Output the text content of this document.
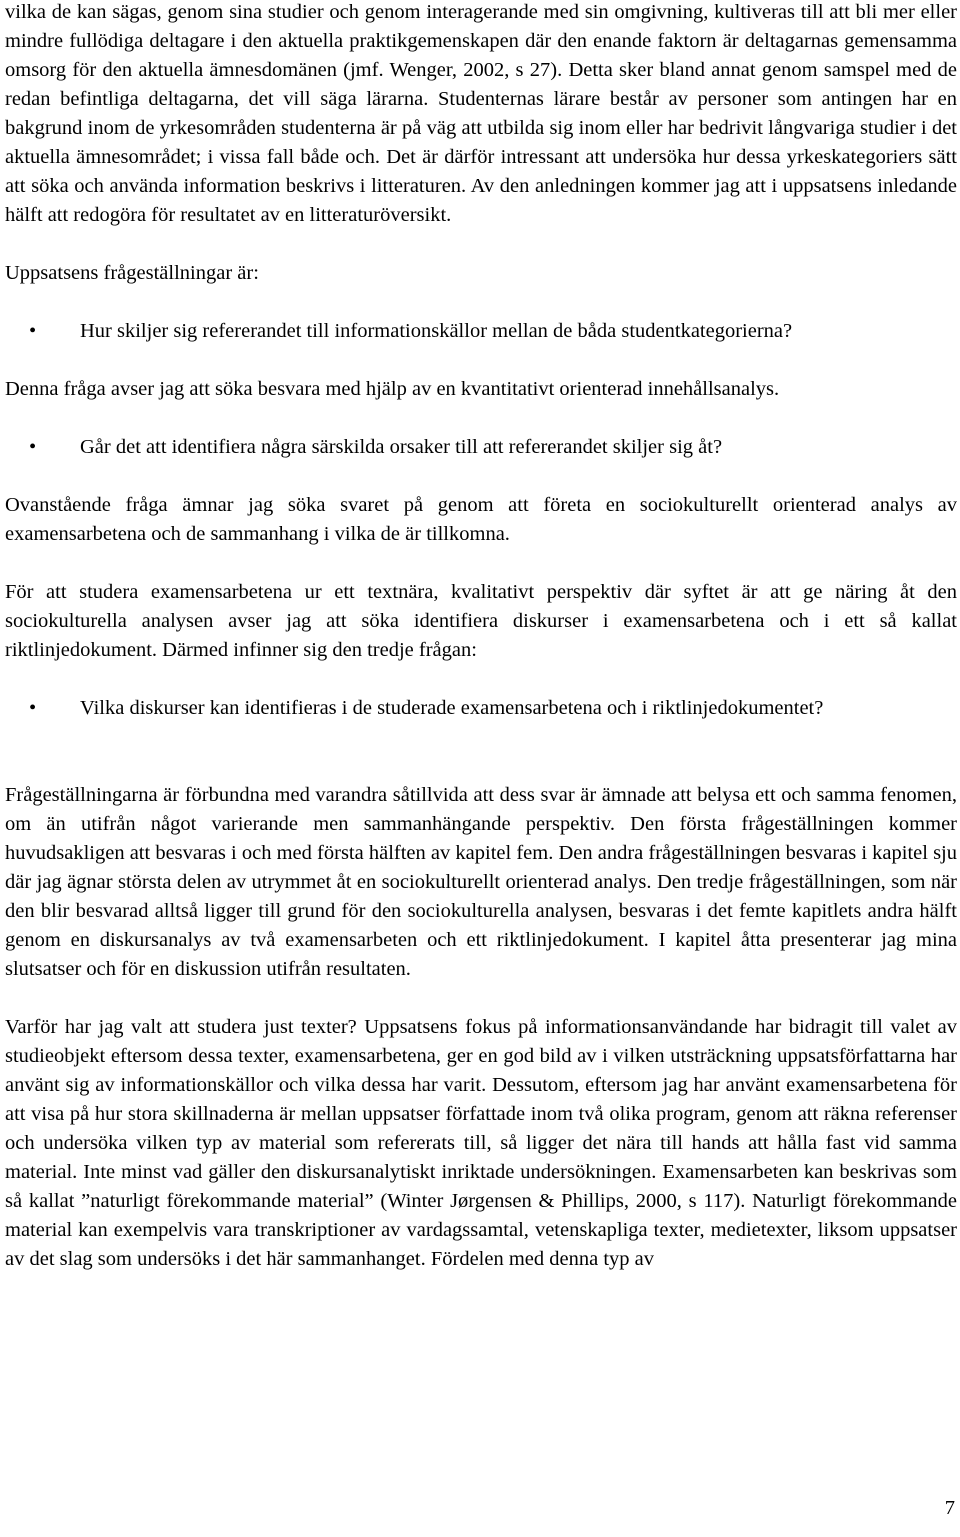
vilka de kan sägas, genom sina studier och genom interagerande med sin omgivning, kultiveras till att bli mer eller mindre fullödiga deltagare i den aktuella praktikgemenskapen där den enande faktorn är deltagarnas gemensamma omsorg för den aktuella ämnesdomänen (jmf. Wenger, 2002, s 27). Detta sker bland annat genom samspel med de redan befintliga deltagarna, det vill säga lärarna. Studenternas lärare består av personer som antingen har en bakgrund inom de yrkesområden studenterna är på väg att utbilda sig inom eller har bedrivit långvariga studier i det aktuella ämnesområdet; i vissa fall både och. Det är därför intressant att undersöka hur dessa yrkeskategoriers sätt att söka och använda information beskrivs i litteraturen. Av den anledningen kommer jag att i uppsatsens inledande hälft att redogöra för resultatet av en litteraturöversikt.

Uppsatsens frågeställningar är:

• Hur skiljer sig refererandet till informationskällor mellan de båda studentkategorierna?

Denna fråga avser jag att söka besvara med hjälp av en kvantitativt orienterad innehållsanalys.

• Går det att identifiera några särskilda orsaker till att refererandet skiljer sig åt?

Ovanstående fråga ämnar jag söka svaret på genom att företa en sociokulturellt orienterad analys av examensarbetena och de sammanhang i vilka de är tillkomna.

För att studera examensarbetena ur ett textnära, kvalitativt perspektiv där syftet är att ge näring åt den sociokulturella analysen avser jag att söka identifiera diskurser i examensarbetena och i ett så kallat riktlinjedokument. Därmed infinner sig den tredje frågan:

• Vilka diskurser kan identifieras i de studerade examensarbetena och i riktlinjedokumentet?

Frågeställningarna är förbundna med varandra såtillvida att dess svar är ämnade att belysa ett och samma fenomen, om än utifrån något varierande men sammanhängande perspektiv. Den första frågeställningen kommer huvudsakligen att besvaras i och med första hälften av kapitel fem. Den andra frågeställningen besvaras i kapitel sju där jag ägnar största delen av utrymmet åt en sociokulturellt orienterad analys. Den tredje frågeställningen, som när den blir besvarad alltså ligger till grund för den sociokulturella analysen, besvaras i det femte kapitlets andra hälft genom en diskursanalys av två examensarbeten och ett riktlinjedokument. I kapitel åtta presenterar jag mina slutsatser och för en diskussion utifrån resultaten.

Varför har jag valt att studera just texter? Uppsatsens fokus på informationsanvändande har bidragit till valet av studieobjekt eftersom dessa texter, examensarbetena, ger en god bild av i vilken utsträckning uppsatsförfattarna har använt sig av informationskällor och vilka dessa har varit. Dessutom, eftersom jag har använt examensarbetena för att visa på hur stora skillnaderna är mellan uppsatser författade inom två olika program, genom att räkna referenser och undersöka vilken typ av material som refererats till, så ligger det nära till hands att hålla fast vid samma material. Inte minst vad gäller den diskursanalytiskt inriktade undersökningen. Examensarbeten kan beskrivas som så kallat ”naturligt förekommande material” (Winter Jørgensen & Phillips, 2000, s 117). Naturligt förekommande material kan exempelvis vara transkriptioner av vardagssamtal, vetenskapliga texter, medietexter, liksom uppsatser av det slag som undersöks i det här sammanhanget. Fördelen med denna typ av

7
